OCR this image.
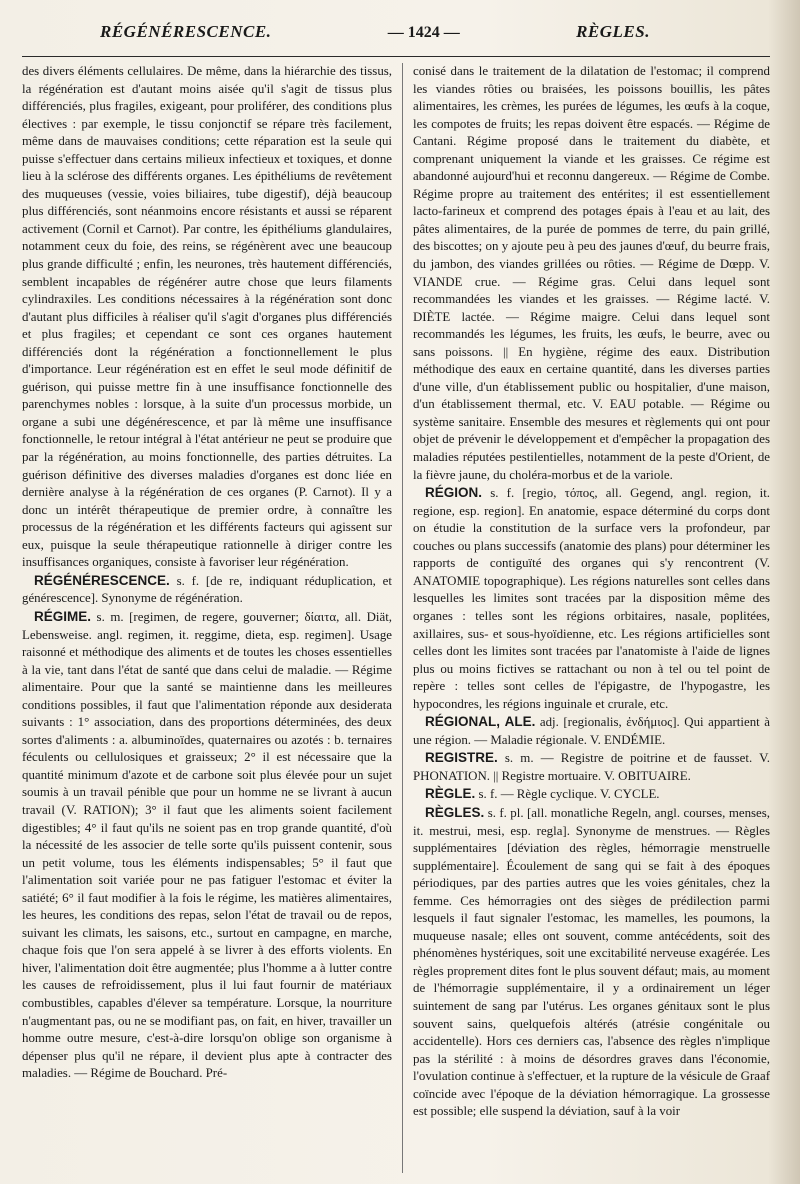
RÉGÉNÉRESCENCE.	— 1424 —	RÈGLES.

des divers éléments cellulaires. De même, dans la hiérarchie des tissus, la régénération est d'autant moins aisée qu'il s'agit de tissus plus différenciés, plus fragiles, exigeant, pour proliférer, des conditions plus électives : par exemple, le tissu conjonctif se répare très facilement, même dans de mauvaises conditions; cette réparation est la seule qui puisse s'effectuer dans certains milieux infectieux et toxiques, et donne lieu à la sclérose des différents organes. Les épithéliums de revêtement des muqueuses (vessie, voies biliaires, tube digestif), déjà beaucoup plus différenciés, sont néanmoins encore résistants et aussi se réparent activement (Cornil et Carnot). Par contre, les épithéliums glandulaires, notamment ceux du foie, des reins, se régénèrent avec une beaucoup plus grande difficulté ; enfin, les neurones, très hautement différenciés, semblent incapables de régénérer autre chose que leurs filaments cylindraxiles. Les conditions nécessaires à la régénération sont donc d'autant plus difficiles à réaliser qu'il s'agit d'organes plus différenciés et plus fragiles; et cependant ce sont ces organes hautement différenciés dont la régénération a fonctionnellement le plus d'importance. Leur régénération est en effet le seul mode définitif de guérison, qui puisse mettre fin à une insuffisance fonctionnelle des parenchymes nobles : lorsque, à la suite d'un processus morbide, un organe a subi une dégénérescence, et par là même une insuffisance fonctionnelle, le retour intégral à l'état antérieur ne peut se produire que par la régénération, au moins fonctionnelle, des parties détruites. La guérison définitive des diverses maladies d'organes est donc liée en dernière analyse à la régénération de ces organes (P. Carnot). Il y a donc un intérêt thérapeutique de premier ordre, à connaître les processus de la régénération et les différents facteurs qui agissent sur eux, puisque la seule thérapeutique rationnelle à diriger contre les insuffisances organiques, consiste à favoriser leur régénération.

RÉGÉNÉRESCENCE. s. f. [de re, indiquant réduplication, et générescence]. Synonyme de régénération.

RÉGIME. s. m. [regimen, de regere, gouverner; δίαιτα, all. Diät, Lebensweise. angl. regimen, it. reggime, dieta, esp. regimen]. Usage raisonné et méthodique des aliments et de toutes les choses essentielles à la vie, tant dans l'état de santé que dans celui de maladie. — Régime alimentaire. Pour que la santé se maintienne dans les meilleures conditions possibles, il faut que l'alimentation réponde aux desiderata suivants : 1° association, dans des proportions déterminées, des deux sortes d'aliments : a. albuminoïdes, quaternaires ou azotés : b. ternaires féculents ou cellulosiques et graisseux; 2° il est nécessaire que la quantité minimum d'azote et de carbone soit plus élevée pour un sujet soumis à un travail pénible que pour un homme ne se livrant à aucun travail (V. RATION); 3° il faut que les aliments soient facilement digestibles; 4° il faut qu'ils ne soient pas en trop grande quantité, d'où la nécessité de les associer de telle sorte qu'ils puissent contenir, sous un petit volume, tous les éléments indispensables; 5° il faut que l'alimentation soit variée pour ne pas fatiguer l'estomac et éviter la satiété; 6° il faut modifier à la fois le régime, les matières alimentaires, les heures, les conditions des repas, selon l'état de travail ou de repos, suivant les climats, les saisons, etc., surtout en campagne, en marche, chaque fois que l'on sera appelé à se livrer à des efforts violents. En hiver, l'alimentation doit être augmentée; plus l'homme a à lutter contre les causes de refroidissement, plus il lui faut fournir de matériaux combustibles, capables d'élever sa température. Lorsque, la nourriture n'augmentant pas, ou ne se modifiant pas, on fait, en hiver, travailler un homme outre mesure, c'est-à-dire lorsqu'on oblige son organisme à dépenser plus qu'il ne répare, il devient plus apte à contracter des maladies. — Régime de Bouchard. Pré-

conisé dans le traitement de la dilatation de l'estomac; il comprend les viandes rôties ou braisées, les poissons bouillis, les pâtes alimentaires, les crèmes, les purées de légumes, les œufs à la coque, les compotes de fruits; les repas doivent être espacés. — Régime de Cantani. Régime proposé dans le traitement du diabète, et comprenant uniquement la viande et les graisses. Ce régime est abandonné aujourd'hui et reconnu dangereux. — Régime de Combe. Régime propre au traitement des entérites; il est essentiellement lacto-farineux et comprend des potages épais à l'eau et au lait, des pâtes alimentaires, de la purée de pommes de terre, du pain grillé, des biscottes; on y ajoute peu à peu des jaunes d'œuf, du beurre frais, du jambon, des viandes grillées ou rôties. — Régime de Dœpp. V. VIANDE crue. — Régime gras. Celui dans lequel sont recommandées les viandes et les graisses. — Régime lacté. V. DIÈTE lactée. — Régime maigre. Celui dans lequel sont recommandés les légumes, les fruits, les œufs, le beurre, avec ou sans poissons. || En hygiène, régime des eaux. Distribution méthodique des eaux en certaine quantité, dans les diverses parties d'une ville, d'un établissement public ou hospitalier, d'une maison, d'un établissement thermal, etc. V. EAU potable. — Régime ou système sanitaire. Ensemble des mesures et règlements qui ont pour objet de prévenir le développement et d'empêcher la propagation des maladies réputées pestilentielles, notamment de la peste d'Orient, de la fièvre jaune, du choléra-morbus et de la variole.

RÉGION. s. f. [regio, τόπος, all. Gegend, angl. region, it. regione, esp. region]. En anatomie, espace déterminé du corps dont on étudie la constitution de la surface vers la profondeur, par couches ou plans successifs (anatomie des plans) pour déterminer les rapports de contiguïté des organes qui s'y rencontrent (V. ANATOMIE topographique). Les régions naturelles sont celles dans lesquelles les limites sont tracées par la disposition même des organes : telles sont les régions orbitaires, nasale, poplitées, axillaires, sus- et sous-hyoïdienne, etc. Les régions artificielles sont celles dont les limites sont tracées par l'anatomiste à l'aide de lignes plus ou moins fictives se rattachant ou non à tel ou tel point de repère : telles sont celles de l'épigastre, de l'hypogastre, les hypocondres, les régions inguinale et crurale, etc.

RÉGIONAL, ALE. adj. [regionalis, ἐνδήμιος]. Qui appartient à une région. — Maladie régionale. V. ENDÉMIE.

REGISTRE. s. m. — Registre de poitrine et de fausset. V. PHONATION. || Registre mortuaire. V. OBITUAIRE.

RÈGLE. s. f. — Règle cyclique. V. CYCLE.

RÈGLES. s. f. pl. [all. monatliche Regeln, angl. courses, menses, it. mestrui, mesi, esp. regla]. Synonyme de menstrues. — Règles supplémentaires [déviation des règles, hémorragie menstruelle supplémentaire]. Écoulement de sang qui se fait à des époques périodiques, par des parties autres que les voies génitales, chez la femme. Ces hémorragies ont des sièges de prédilection parmi lesquels il faut signaler l'estomac, les mamelles, les poumons, la muqueuse nasale; elles ont souvent, comme antécédents, soit des phénomènes hystériques, soit une excitabilité nerveuse exagérée. Les règles proprement dites font le plus souvent défaut; mais, au moment de l'hémorragie supplémentaire, il y a ordinairement un léger suintement de sang par l'utérus. Les organes génitaux sont le plus souvent sains, quelquefois altérés (atrésie congénitale ou accidentelle). Hors ces derniers cas, l'absence des règles n'implique pas la stérilité : à moins de désordres graves dans l'économie, l'ovulation continue à s'effectuer, et la rupture de la vésicule de Graaf coïncide avec l'époque de la déviation hémorragique. La grossesse est possible; elle suspend la déviation, sauf à la voir
